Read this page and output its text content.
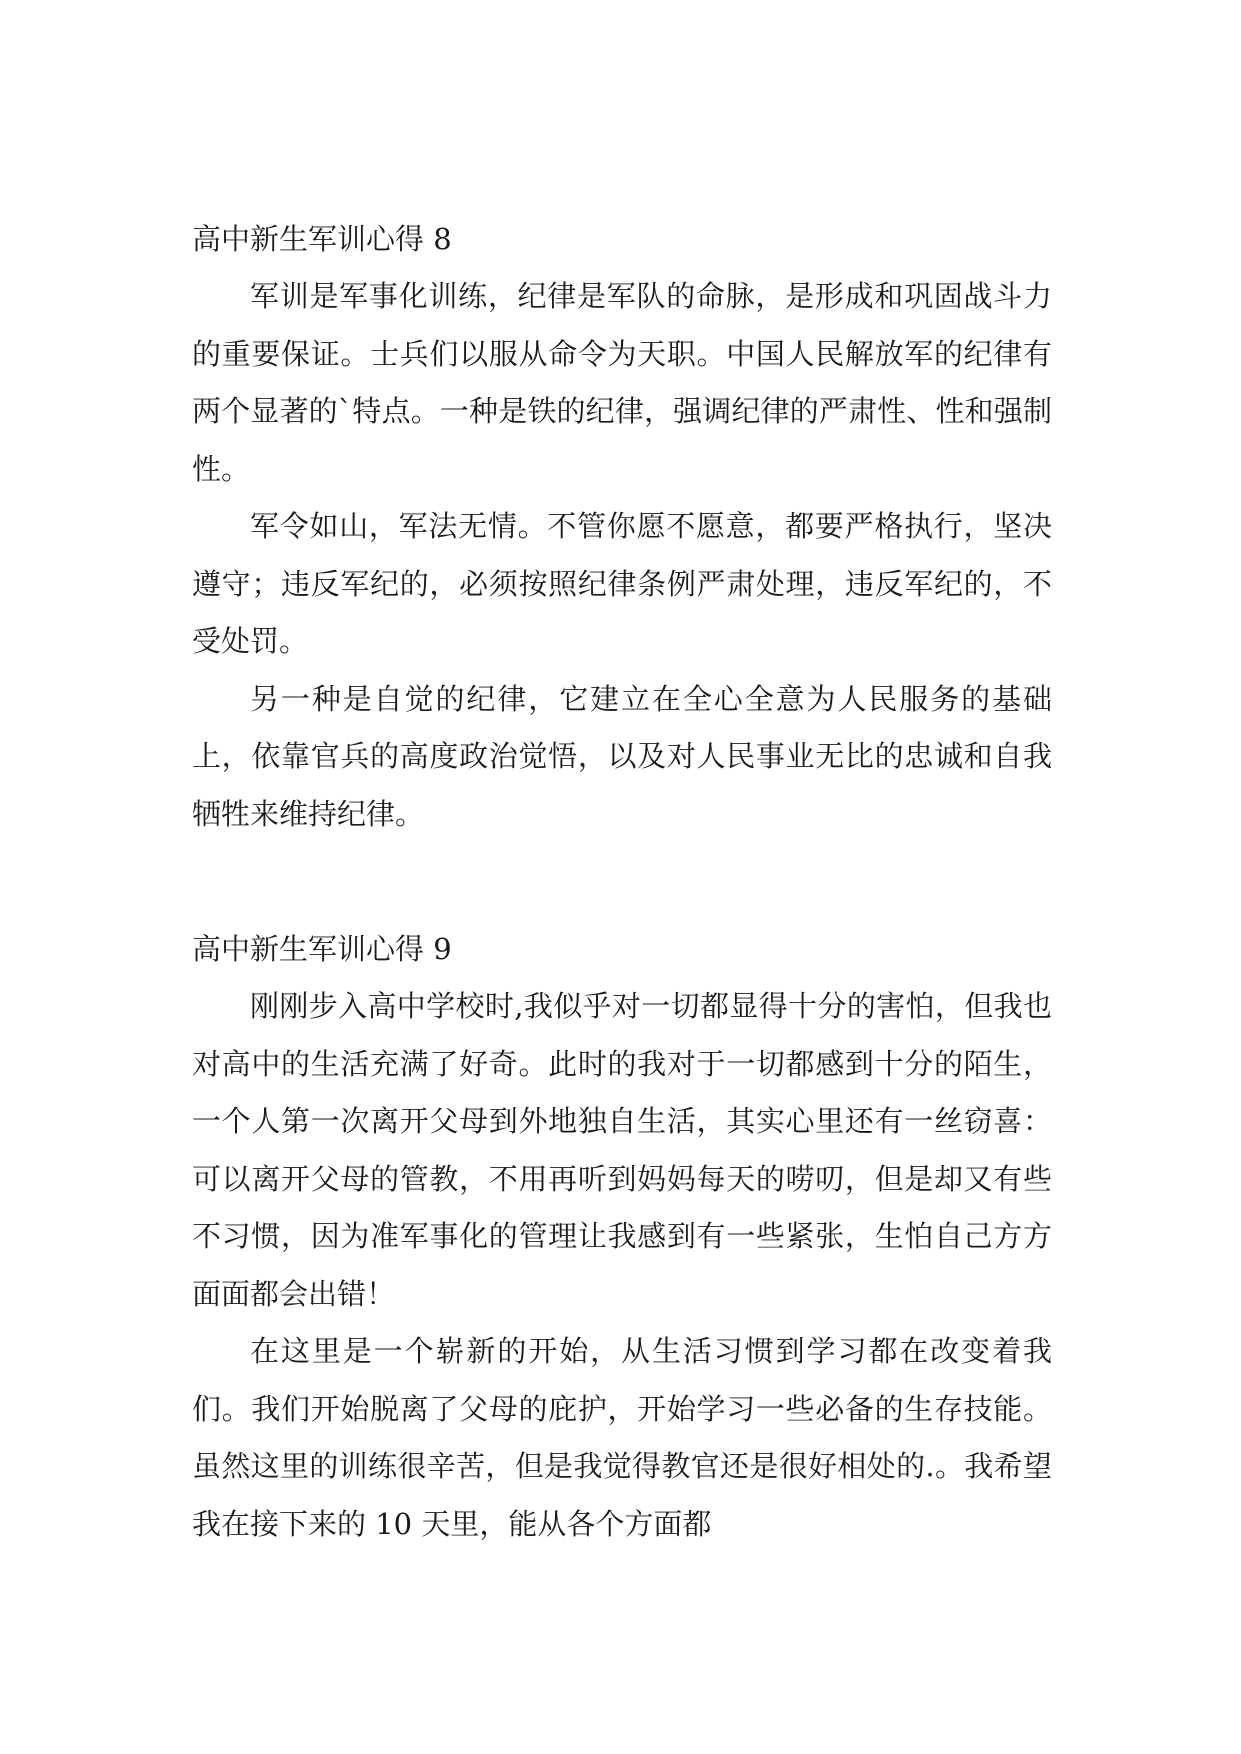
高中新生军训心得 8

军训是军事化训练，纪律是军队的命脉，是形成和巩固战斗力的重要保证。士兵们以服从命令为天职。中国人民解放军的纪律有两个显著的`特点。一种是铁的纪律，强调纪律的严肃性、性和强制性。

军令如山，军法无情。不管你愿不愿意，都要严格执行，坚决遵守；违反军纪的，必须按照纪律条例严肃处理，违反军纪的，不受处罚。

另一种是自觉的纪律，它建立在全心全意为人民服务的基础上，依靠官兵的高度政治觉悟，以及对人民事业无比的忠诚和自我牺牲来维持纪律。

高中新生军训心得 9

刚刚步入高中学校时,我似乎对一切都显得十分的害怕，但我也对高中的生活充满了好奇。此时的我对于一切都感到十分的陌生，一个人第一次离开父母到外地独自生活，其实心里还有一丝窃喜：可以离开父母的管教，不用再听到妈妈每天的唠叨，但是却又有些不习惯，因为准军事化的管理让我感到有一些紧张，生怕自己方方面面都会出错！

在这里是一个崭新的开始，从生活习惯到学习都在改变着我们。我们开始脱离了父母的庇护，开始学习一些必备的生存技能。虽然这里的训练很辛苦，但是我觉得教官还是很好相处的.。我希望我在接下来的 10 天里，能从各个方面都
